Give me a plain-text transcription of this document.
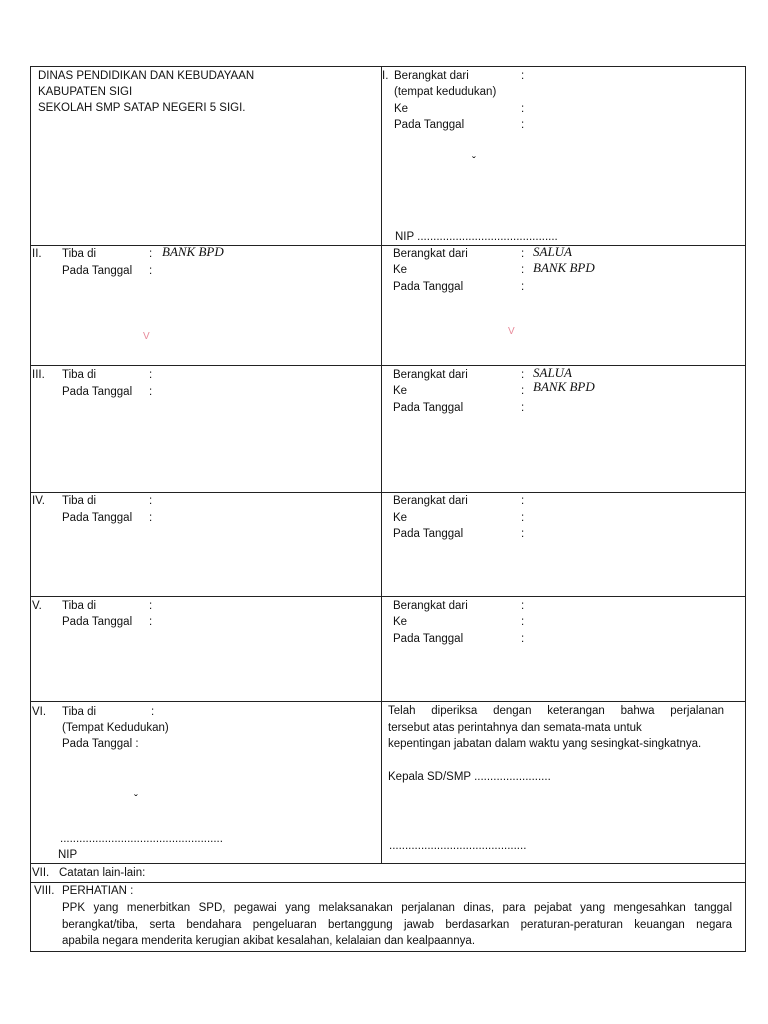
DINAS PENDIDIKAN DAN KEBUDAYAAN
KABUPATEN SIGI
SEKOLAH SMP SATAP NEGERI 5 SIGI.
I. Berangkat dari	:
(tempat kedudukan)
Ke	:
Pada Tanggal	:
ˇ
NIP ............................................
II. Tiba di	: BANK BPD
Pada Tanggal :
V
Berangkat dari	: SALUA
Ke	: BANK BPD
Pada Tanggal	:
V
III. Tiba di	:
Pada Tanggal :
Berangkat dari	: SALUA
Ke	: BANK BPD
Pada Tanggal	:
IV. Tiba di	:
Pada Tanggal :
Berangkat dari	:
Ke	:
Pada Tanggal	:
V. Tiba di	:
Pada Tanggal :
Berangkat dari	:
Ke	:
Pada Tanggal	:
VI. Tiba di	:
(Tempat Kedudukan)
Pada Tanggal :
ˇ
...................................................
NIP
Telah diperiksa dengan keterangan bahwa perjalanan
tersebut atas perintahnya dan semata-mata untuk
kepentingan jabatan dalam waktu yang sesingkat-singkatnya.
Kepala SD/SMP ........................
...........................................
VII. Catatan lain-lain:
VIII. PERHATIAN :
PPK yang menerbitkan SPD, pegawai yang melaksanakan perjalanan dinas, para pejabat yang mengesahkan tanggal
berangkat/tiba, serta bendahara pengeluaran bertanggung jawab berdasarkan peraturan-peraturan keuangan negara
apabila negara menderita kerugian akibat kesalahan, kelalaian dan kealpaannya.
